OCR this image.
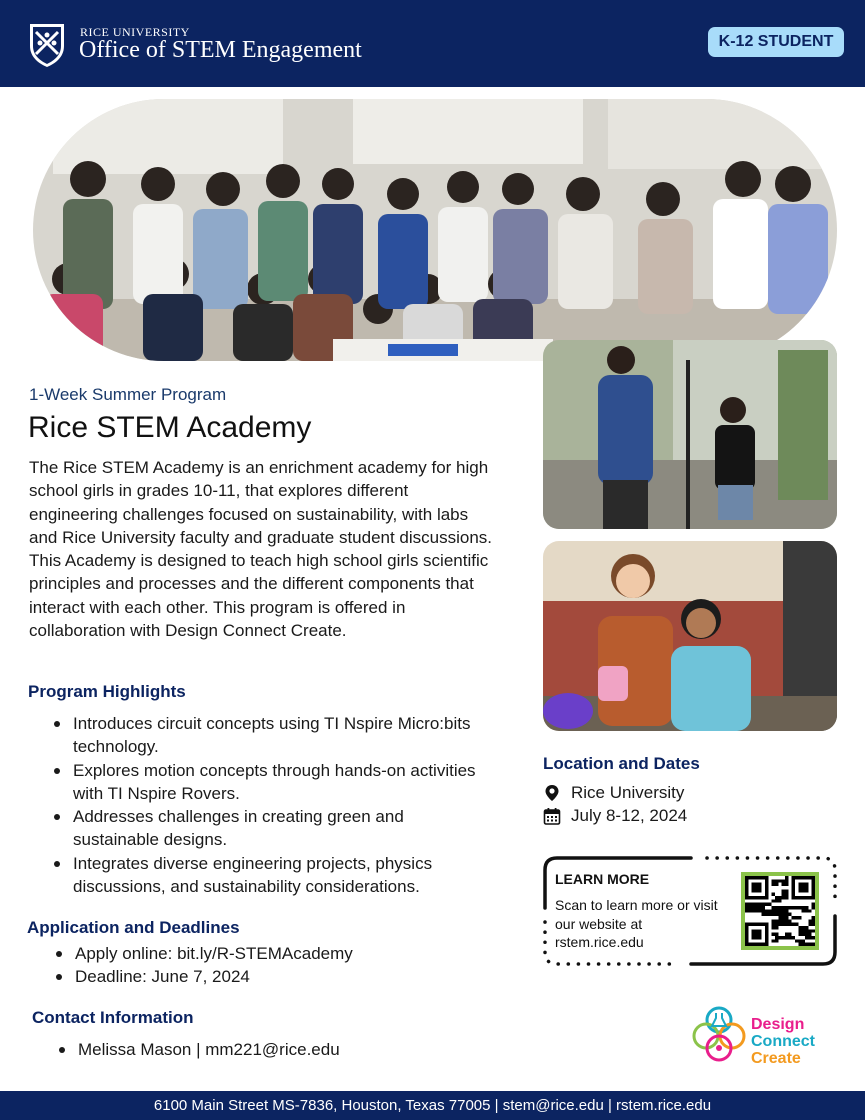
RICE UNIVERSITY
Office of STEM Engagement	K-12 STUDENT
1-Week Summer Program
Rice STEM Academy
The Rice STEM Academy is an enrichment academy for high school girls in grades 10-11, that explores different engineering challenges focused on sustainability, with labs and Rice University faculty and graduate student discussions. This Academy is designed to teach high school girls scientific principles and processes and the different components that interact with each other. This program is offered in collaboration with Design Connect Create.
Program Highlights
Introduces circuit concepts using TI Nspire Micro:bits technology.
Explores motion concepts through hands-on activities with TI Nspire Rovers.
Addresses challenges in creating green and sustainable designs.
Integrates diverse engineering projects, physics discussions, and sustainability considerations.
Application and Deadlines
Apply online: bit.ly/R-STEMAcademy
Deadline: June 7, 2024
Contact Information
Melissa Mason | mm221@rice.edu
Location and Dates
Rice University
July 8-12, 2024
LEARN MORE
Scan to learn more or visit our website at rstem.rice.edu
Design
Connect
Create
6100 Main Street MS-7836, Houston, Texas 77005 | stem@rice.edu | rstem.rice.edu
